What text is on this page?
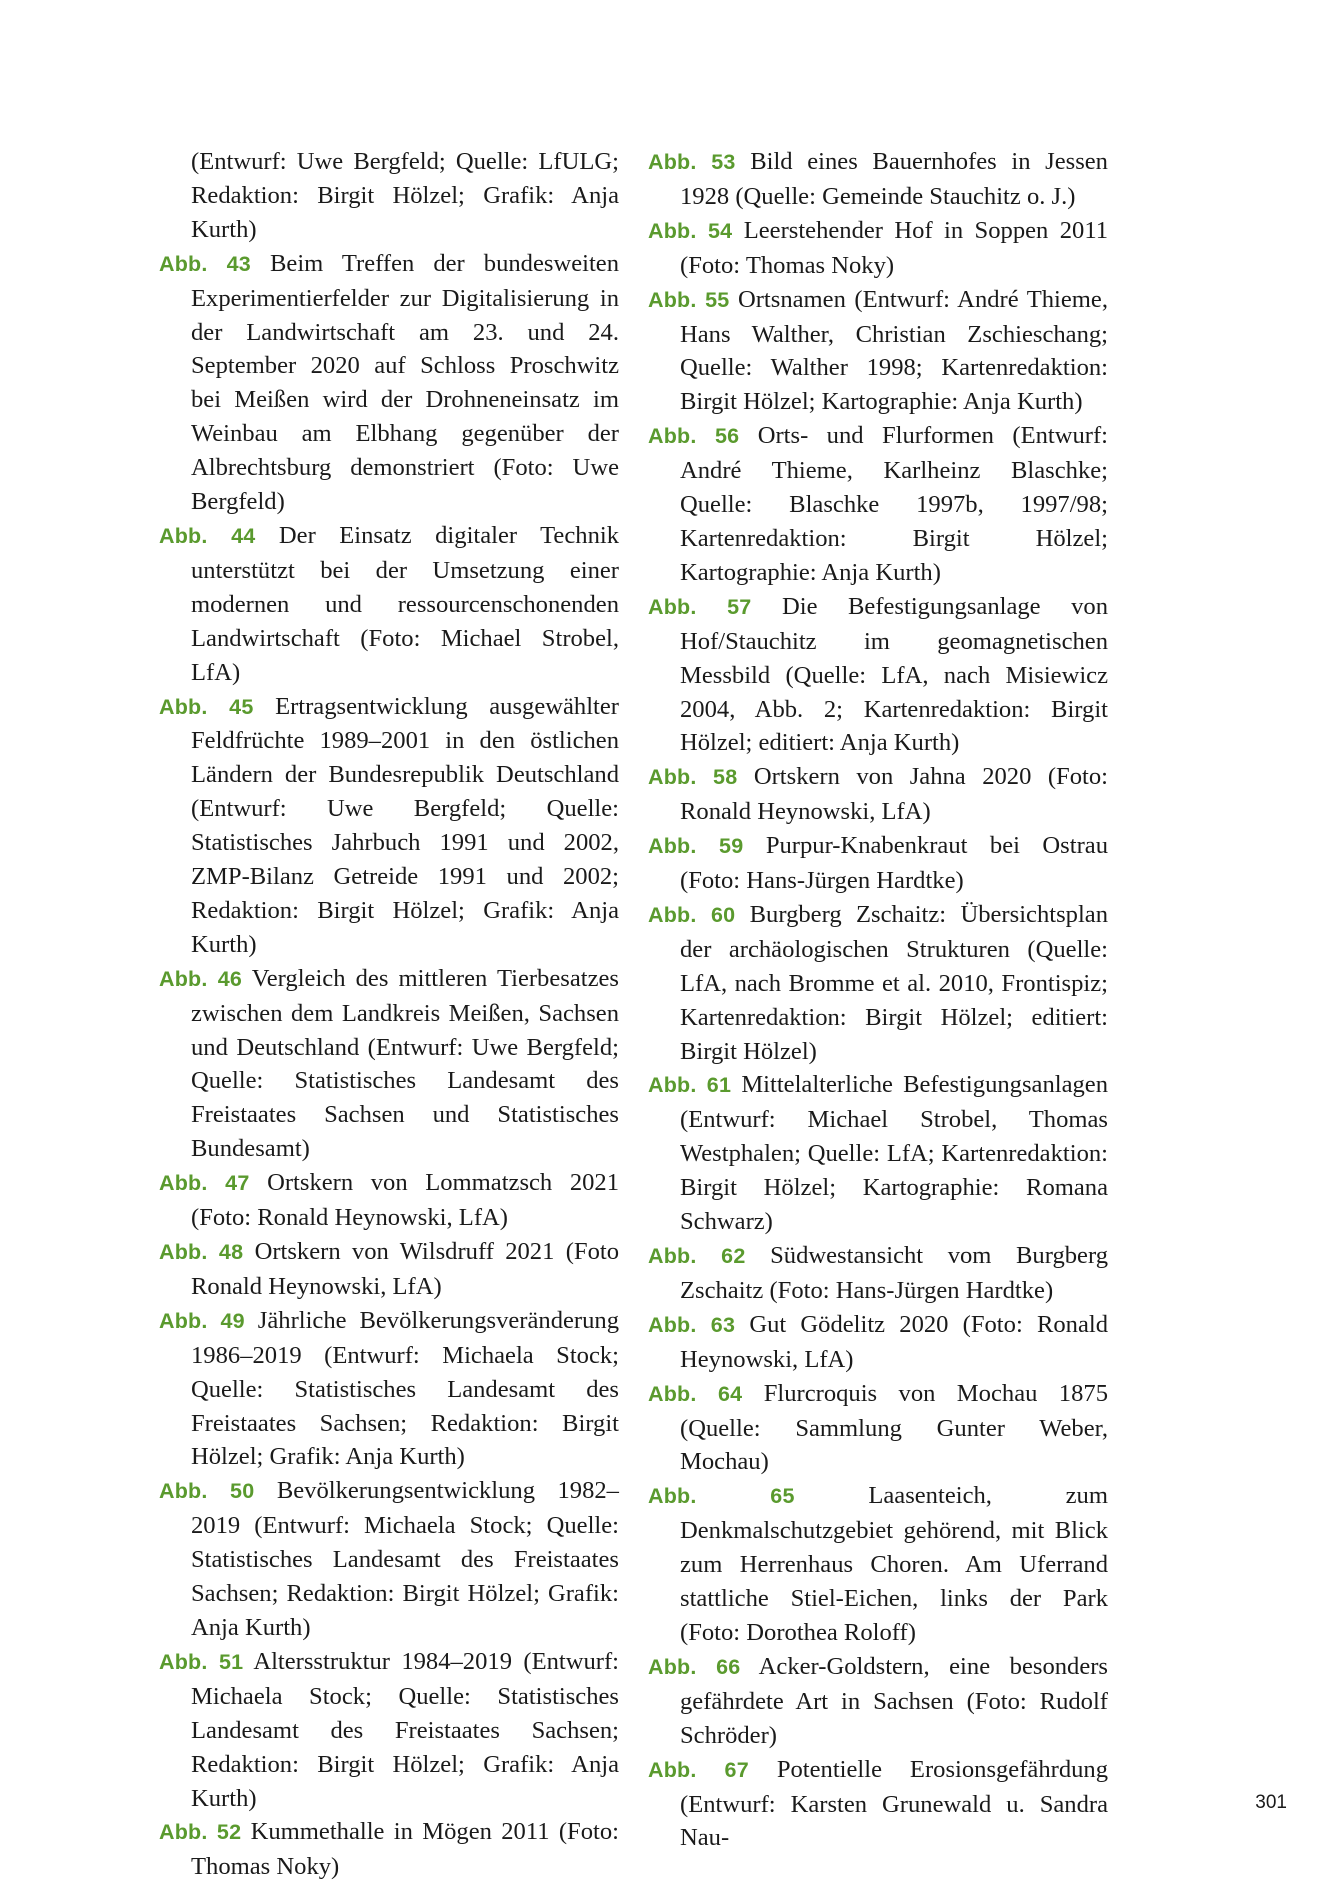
(Entwurf: Uwe Bergfeld; Quelle: LfULG; Redaktion: Birgit Hölzel; Grafik: Anja Kurth)

Abb. 43 Beim Treffen der bundesweiten Experimentierfelder zur Digitalisierung in der Landwirtschaft am 23. und 24. September 2020 auf Schloss Proschwitz bei Meißen wird der Drohneneinsatz im Weinbau am Elbhang gegenüber der Albrechtsburg demonstriert (Foto: Uwe Bergfeld)

Abb. 44 Der Einsatz digitaler Technik unterstützt bei der Umsetzung einer modernen und ressourcenschonenden Landwirtschaft (Foto: Michael Strobel, LfA)

Abb. 45 Ertragsentwicklung ausgewählter Feldfrüchte 1989–2001 in den östlichen Ländern der Bundesrepublik Deutschland (Entwurf: Uwe Bergfeld; Quelle: Statistisches Jahrbuch 1991 und 2002, ZMP-Bilanz Getreide 1991 und 2002; Redaktion: Birgit Hölzel; Grafik: Anja Kurth)

Abb. 46 Vergleich des mittleren Tierbesatzes zwischen dem Landkreis Meißen, Sachsen und Deutschland (Entwurf: Uwe Bergfeld; Quelle: Statistisches Landesamt des Freistaates Sachsen und Statistisches Bundesamt)

Abb. 47 Ortskern von Lommatzsch 2021 (Foto: Ronald Heynowski, LfA)

Abb. 48 Ortskern von Wilsdruff 2021 (Foto Ronald Heynowski, LfA)

Abb. 49 Jährliche Bevölkerungsveränderung 1986–2019 (Entwurf: Michaela Stock; Quelle: Statistisches Landesamt des Freistaates Sachsen; Redaktion: Birgit Hölzel; Grafik: Anja Kurth)

Abb. 50 Bevölkerungsentwicklung 1982–2019 (Entwurf: Michaela Stock; Quelle: Statistisches Landesamt des Freistaates Sachsen; Redaktion: Birgit Hölzel; Grafik: Anja Kurth)

Abb. 51 Altersstruktur 1984–2019 (Entwurf: Michaela Stock; Quelle: Statistisches Landesamt des Freistaates Sachsen; Redaktion: Birgit Hölzel; Grafik: Anja Kurth)

Abb. 52 Kummethalle in Mögen 2011 (Foto: Thomas Noky)

Abb. 53 Bild eines Bauernhofes in Jessen 1928 (Quelle: Gemeinde Stauchitz o. J.)

Abb. 54 Leerstehender Hof in Soppen 2011 (Foto: Thomas Noky)

Abb. 55 Ortsnamen (Entwurf: André Thieme, Hans Walther, Christian Zschieschang; Quelle: Walther 1998; Kartenredaktion: Birgit Hölzel; Kartographie: Anja Kurth)

Abb. 56 Orts- und Flurformen (Entwurf: André Thieme, Karlheinz Blaschke; Quelle: Blaschke 1997b, 1997/98; Kartenredaktion: Birgit Hölzel; Kartographie: Anja Kurth)

Abb. 57 Die Befestigungsanlage von Hof/Stauchitz im geomagnetischen Messbild (Quelle: LfA, nach Misiewicz 2004, Abb. 2; Kartenredaktion: Birgit Hölzel; editiert: Anja Kurth)

Abb. 58 Ortskern von Jahna 2020 (Foto: Ronald Heynowski, LfA)

Abb. 59 Purpur-Knabenkraut bei Ostrau (Foto: Hans-Jürgen Hardtke)

Abb. 60 Burgberg Zschaitz: Übersichtsplan der archäologischen Strukturen (Quelle: LfA, nach Bromme et al. 2010, Frontispiz; Kartenredaktion: Birgit Hölzel; editiert: Birgit Hölzel)

Abb. 61 Mittelalterliche Befestigungsanlagen (Entwurf: Michael Strobel, Thomas Westphalen; Quelle: LfA; Kartenredaktion: Birgit Hölzel; Kartographie: Romana Schwarz)

Abb. 62 Südwestansicht vom Burgberg Zschaitz (Foto: Hans-Jürgen Hardtke)

Abb. 63 Gut Gödelitz 2020 (Foto: Ronald Heynowski, LfA)

Abb. 64 Flurcroquis von Mochau 1875 (Quelle: Sammlung Gunter Weber, Mochau)

Abb. 65	Laasenteich, zum Denkmalschutzgebiet gehörend, mit Blick zum Herrenhaus Choren. Am Uferrand stattliche Stiel-Eichen, links der Park (Foto: Dorothea Roloff)

Abb. 66 Acker-Goldstern, eine besonders gefährdete Art in Sachsen (Foto: Rudolf Schröder)

Abb. 67 Potentielle Erosionsgefährdung (Entwurf: Karsten Grunewald u. Sandra Nau-

301
